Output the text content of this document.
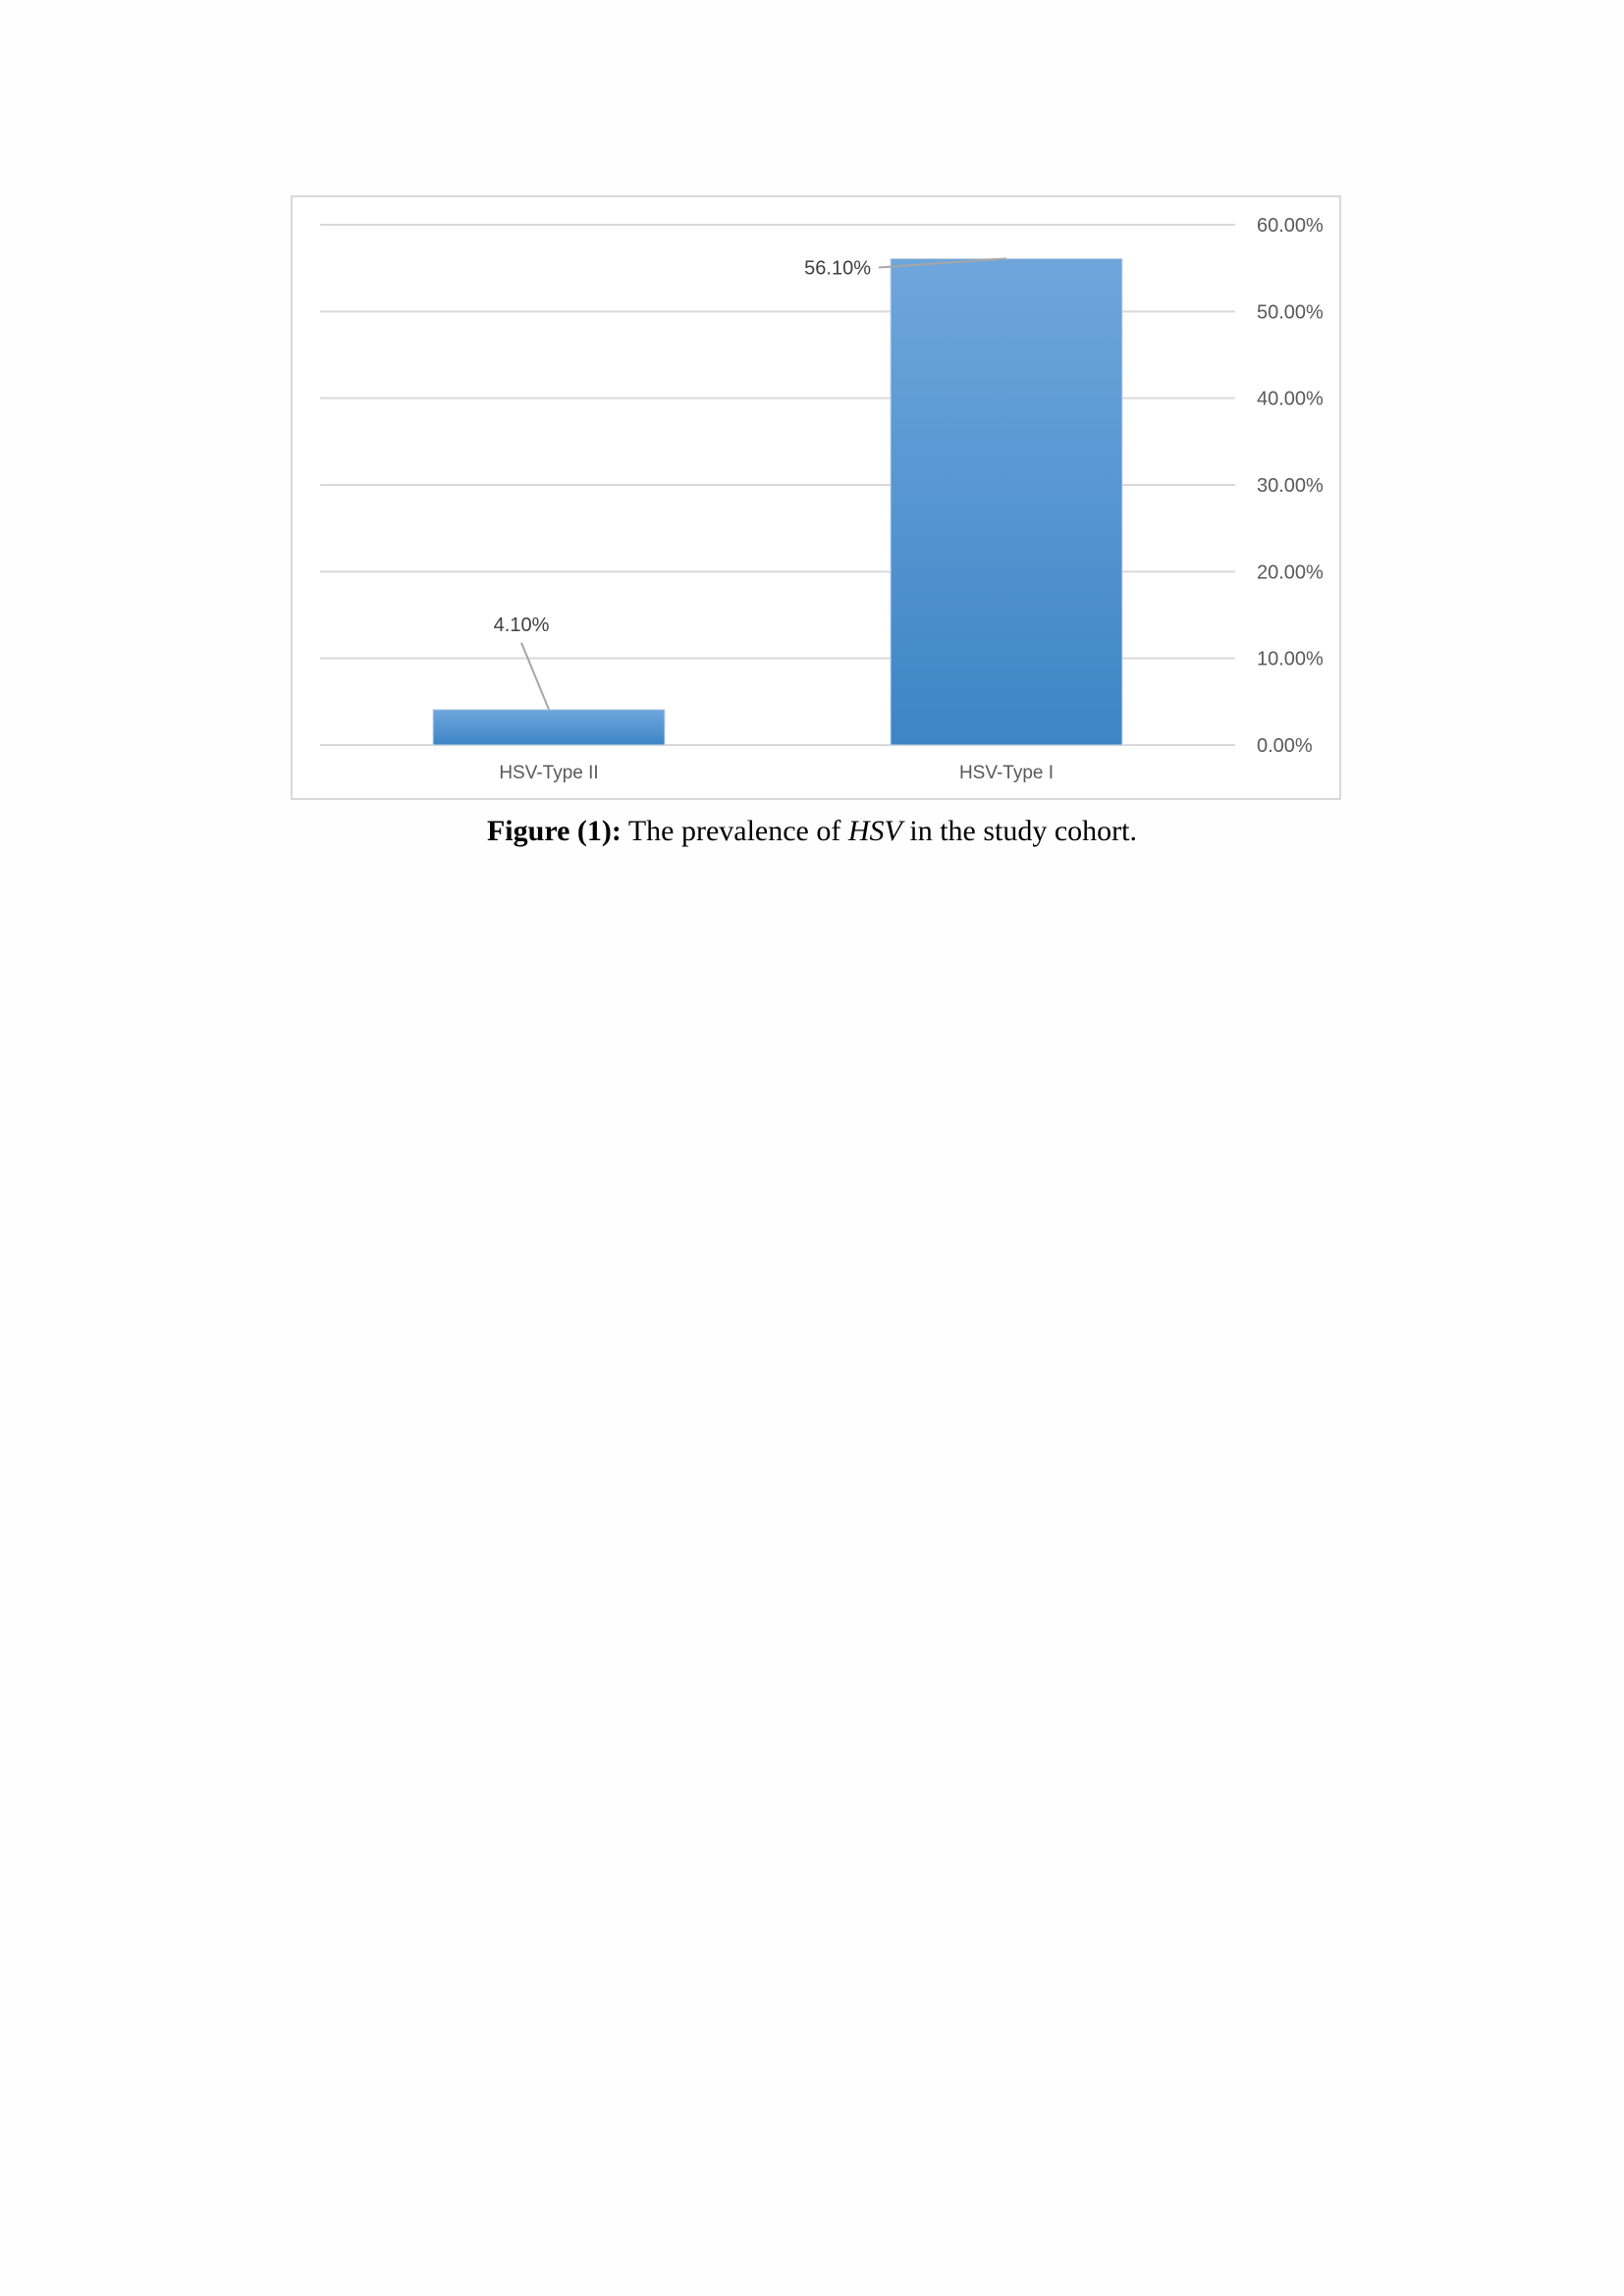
0.00%
10.00%
20.00%
30.00%
40.00%
50.00%
60.00%
HSV-Type II
4.10%
HSV-Type I
56.10%
Figure (1): The prevalence of HSV in the study cohort.
